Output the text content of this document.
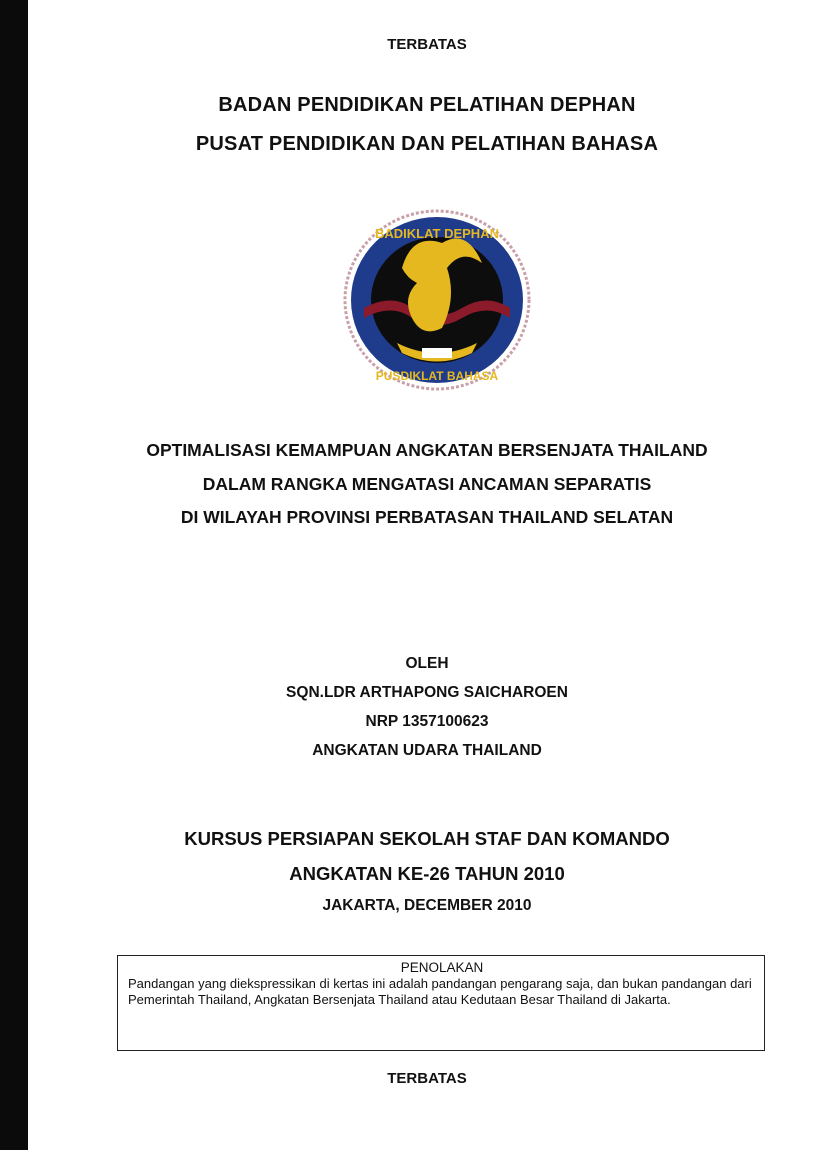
TERBATAS
BADAN PENDIDIKAN PELATIHAN DEPHAN
PUSAT PENDIDIKAN DAN PELATIHAN BAHASA
BADIKLAT DEPHAN
PUSDIKLAT BAHASA
OPTIMALISASI KEMAMPUAN ANGKATAN BERSENJATA THAILAND
DALAM RANGKA MENGATASI ANCAMAN SEPARATIS
DI WILAYAH PROVINSI PERBATASAN THAILAND SELATAN
OLEH
SQN.LDR ARTHAPONG SAICHAROEN
NRP 1357100623
ANGKATAN UDARA THAILAND
KURSUS PERSIAPAN SEKOLAH STAF DAN KOMANDO
ANGKATAN KE-26 TAHUN 2010
JAKARTA, DECEMBER 2010
PENOLAKAN
Pandangan yang diekspressikan di kertas ini adalah pandangan pengarang saja, dan bukan pandangan dari Pemerintah Thailand, Angkatan Bersenjata Thailand atau Kedutaan Besar Thailand di Jakarta.
TERBATAS
